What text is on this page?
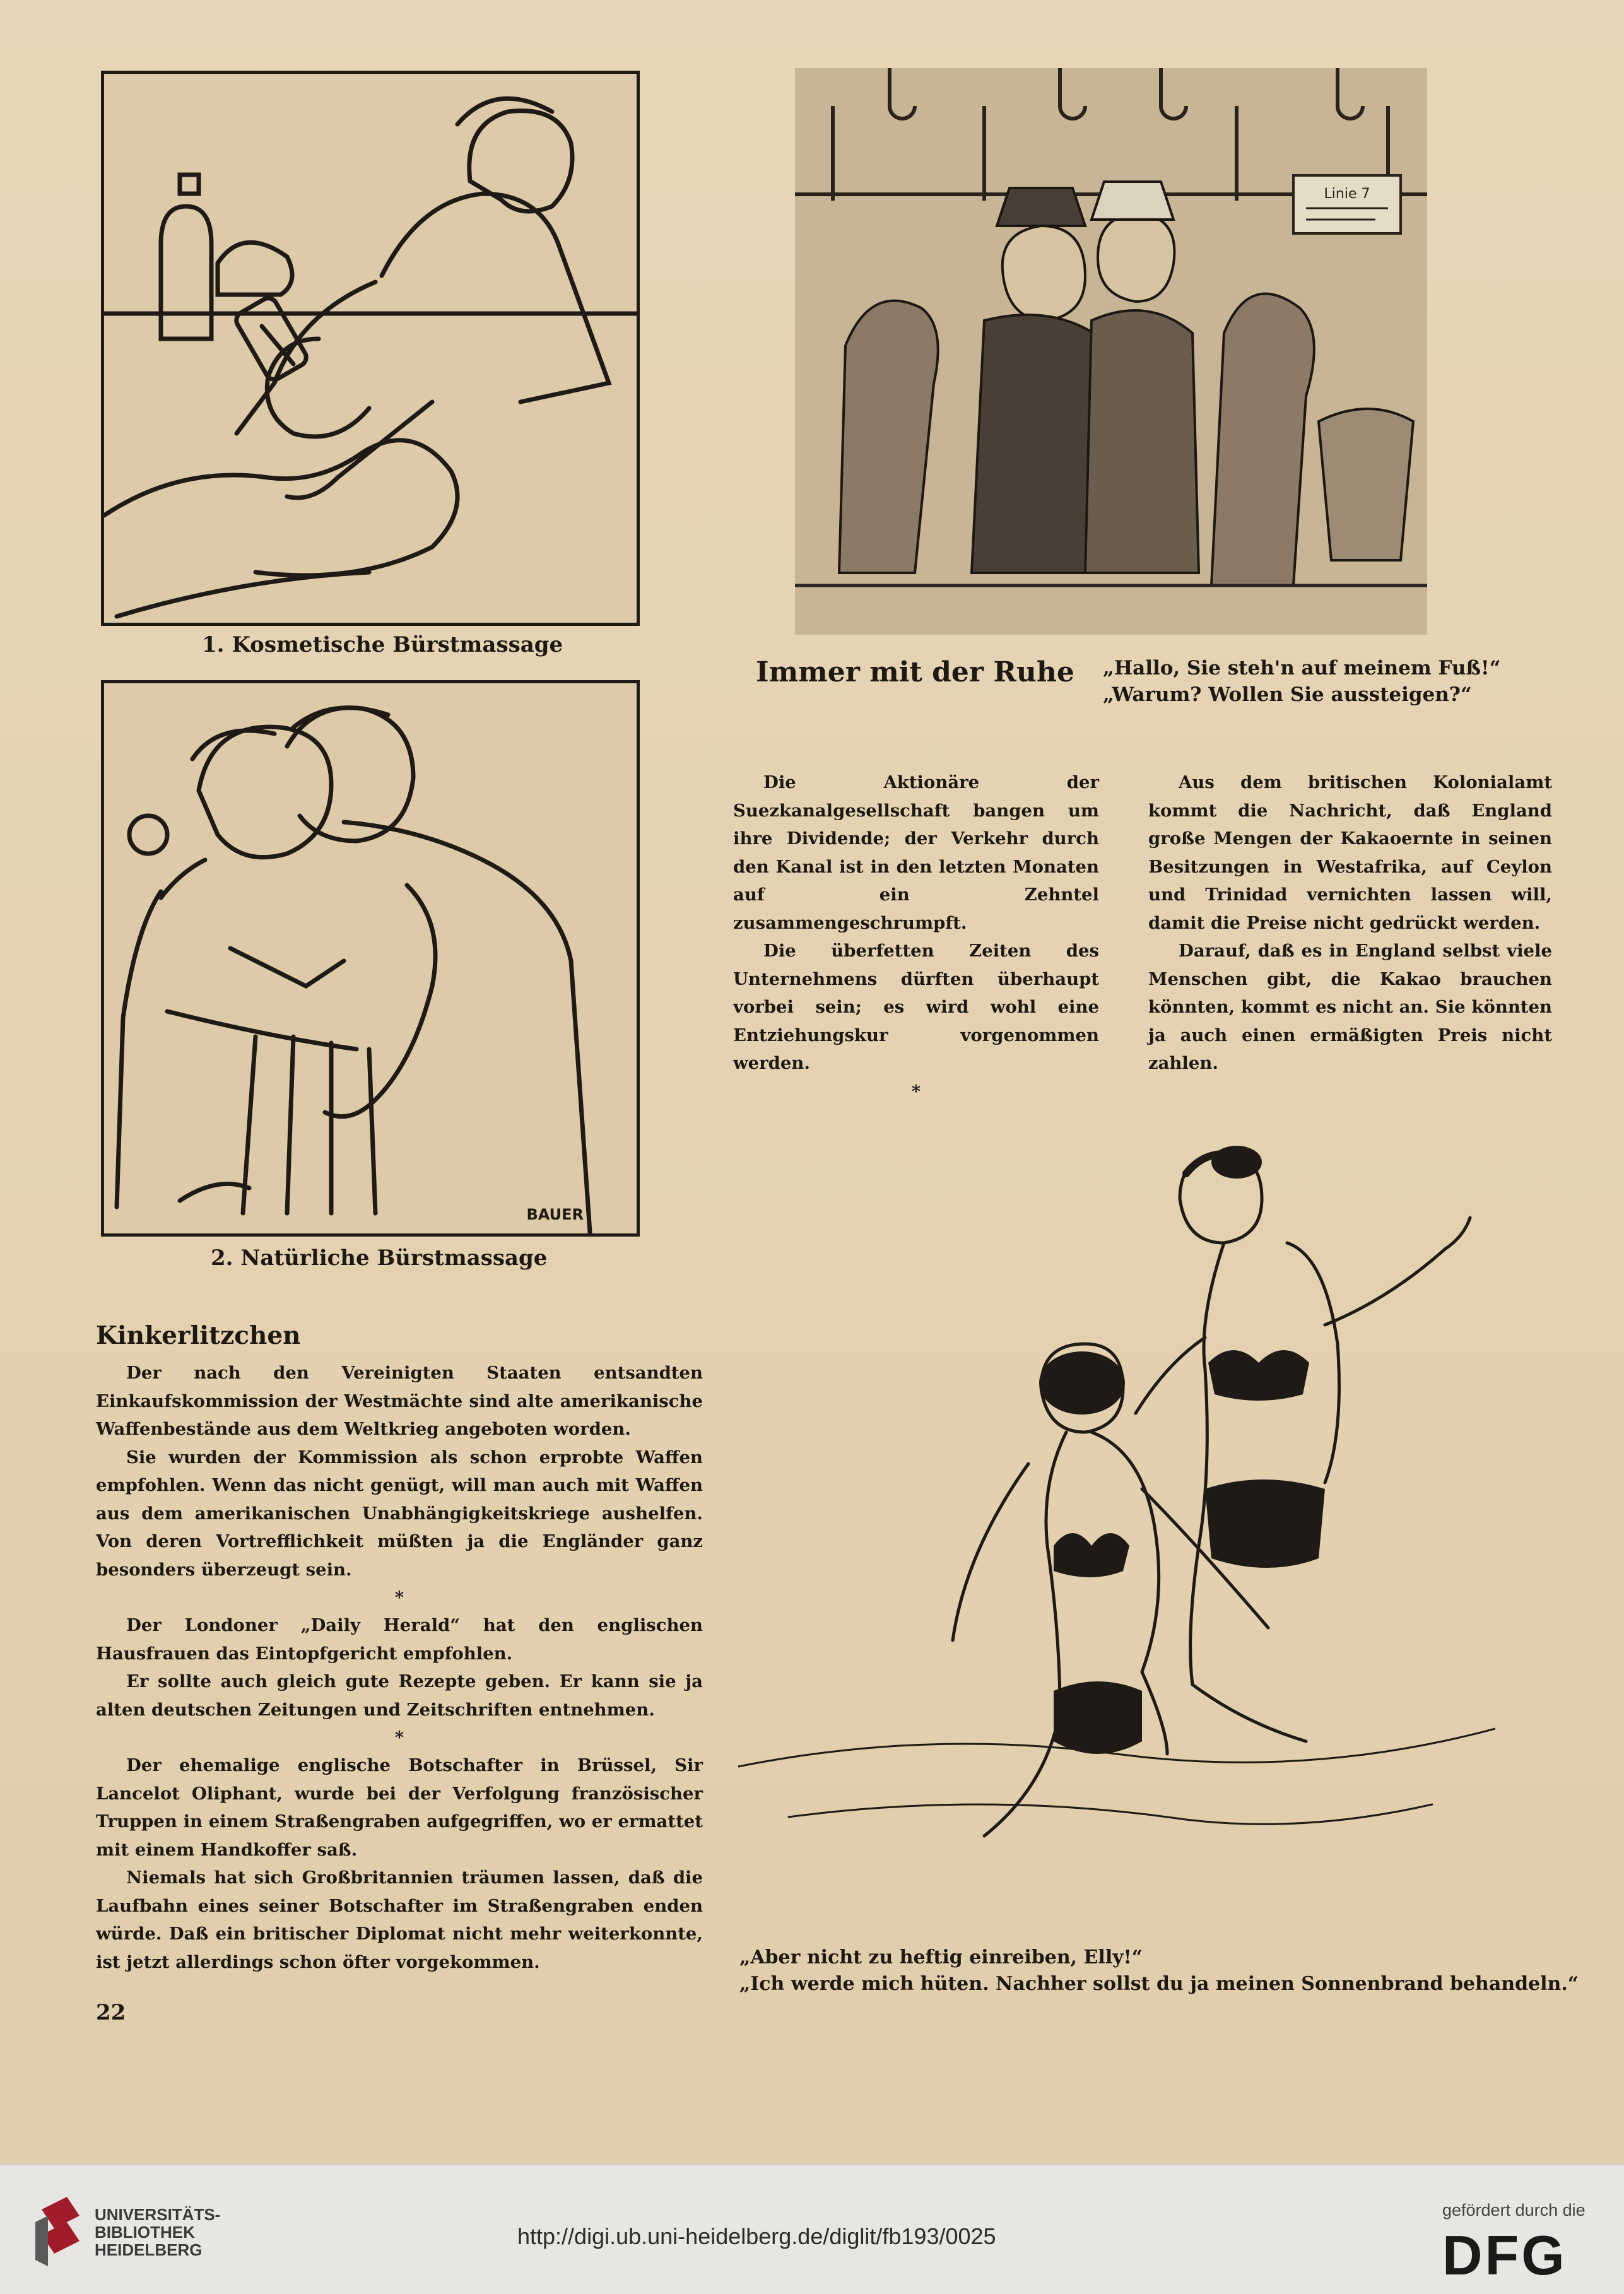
1. Kosmetische Bürstmassage
BAUER
2. Natürliche Bürstmassage
Linie 7
Immer mit der Ruhe „Hallo, Sie steh'n auf meinem Fuß!“
„Warum? Wollen Sie aussteigen?“

Die Aktionäre der Suezkanalgesellschaft bangen um ihre Dividende; der Verkehr durch den Kanal ist in den letzten Monaten auf ein Zehntel zusammengeschrumpft.

Die überfetten Zeiten des Unternehmens dürften überhaupt vorbei sein; es wird wohl eine Entziehungskur vorgenommen werden.

*

Aus dem britischen Kolonialamt kommt die Nachricht, daß England große Mengen der Kakaoernte in seinen Besitzungen in Westafrika, auf Ceylon und Trinidad vernichten lassen will, damit die Preise nicht gedrückt werden.

Darauf, daß es in England selbst viele Menschen gibt, die Kakao brauchen könnten, kommt es nicht an. Sie könnten ja auch einen ermäßigten Preis nicht zahlen.

Kinkerlitzchen

Der nach den Vereinigten Staaten entsandten Einkaufskommission der Westmächte sind alte amerikanische Waffenbestände aus dem Weltkrieg angeboten worden.

Sie wurden der Kommission als schon erprobte Waffen empfohlen. Wenn das nicht genügt, will man auch mit Waffen aus dem amerikanischen Unabhängigkeitskriege aushelfen. Von deren Vortrefflichkeit müßten ja die Engländer ganz besonders überzeugt sein.

*

Der Londoner „Daily Herald“ hat den englischen Hausfrauen das Eintopfgericht empfohlen.

Er sollte auch gleich gute Rezepte geben. Er kann sie ja alten deutschen Zeitungen und Zeitschriften entnehmen.

*

Der ehemalige englische Botschafter in Brüssel, Sir Lancelot Oliphant, wurde bei der Verfolgung französischer Truppen in einem Straßengraben aufgegriffen, wo er ermattet mit einem Handkoffer saß.

Niemals hat sich Großbritannien träumen lassen, daß die Laufbahn eines seiner Botschafter im Straßengraben enden würde. Daß ein britischer Diplomat nicht mehr weiterkonnte, ist jetzt allerdings schon öfter vorgekommen.	„Aber nicht zu heftig einreiben, Elly!“
„Ich werde mich hüten. Nachher sollst du ja meinen Sonnenbrand behandeln.“
22
UNIVERSITÄTS-
BIBLIOTHEK
HEIDELBERG
http://digi.ub.uni-heidelberg.de/diglit/fb193/0025
gefördert durch die
DFG
